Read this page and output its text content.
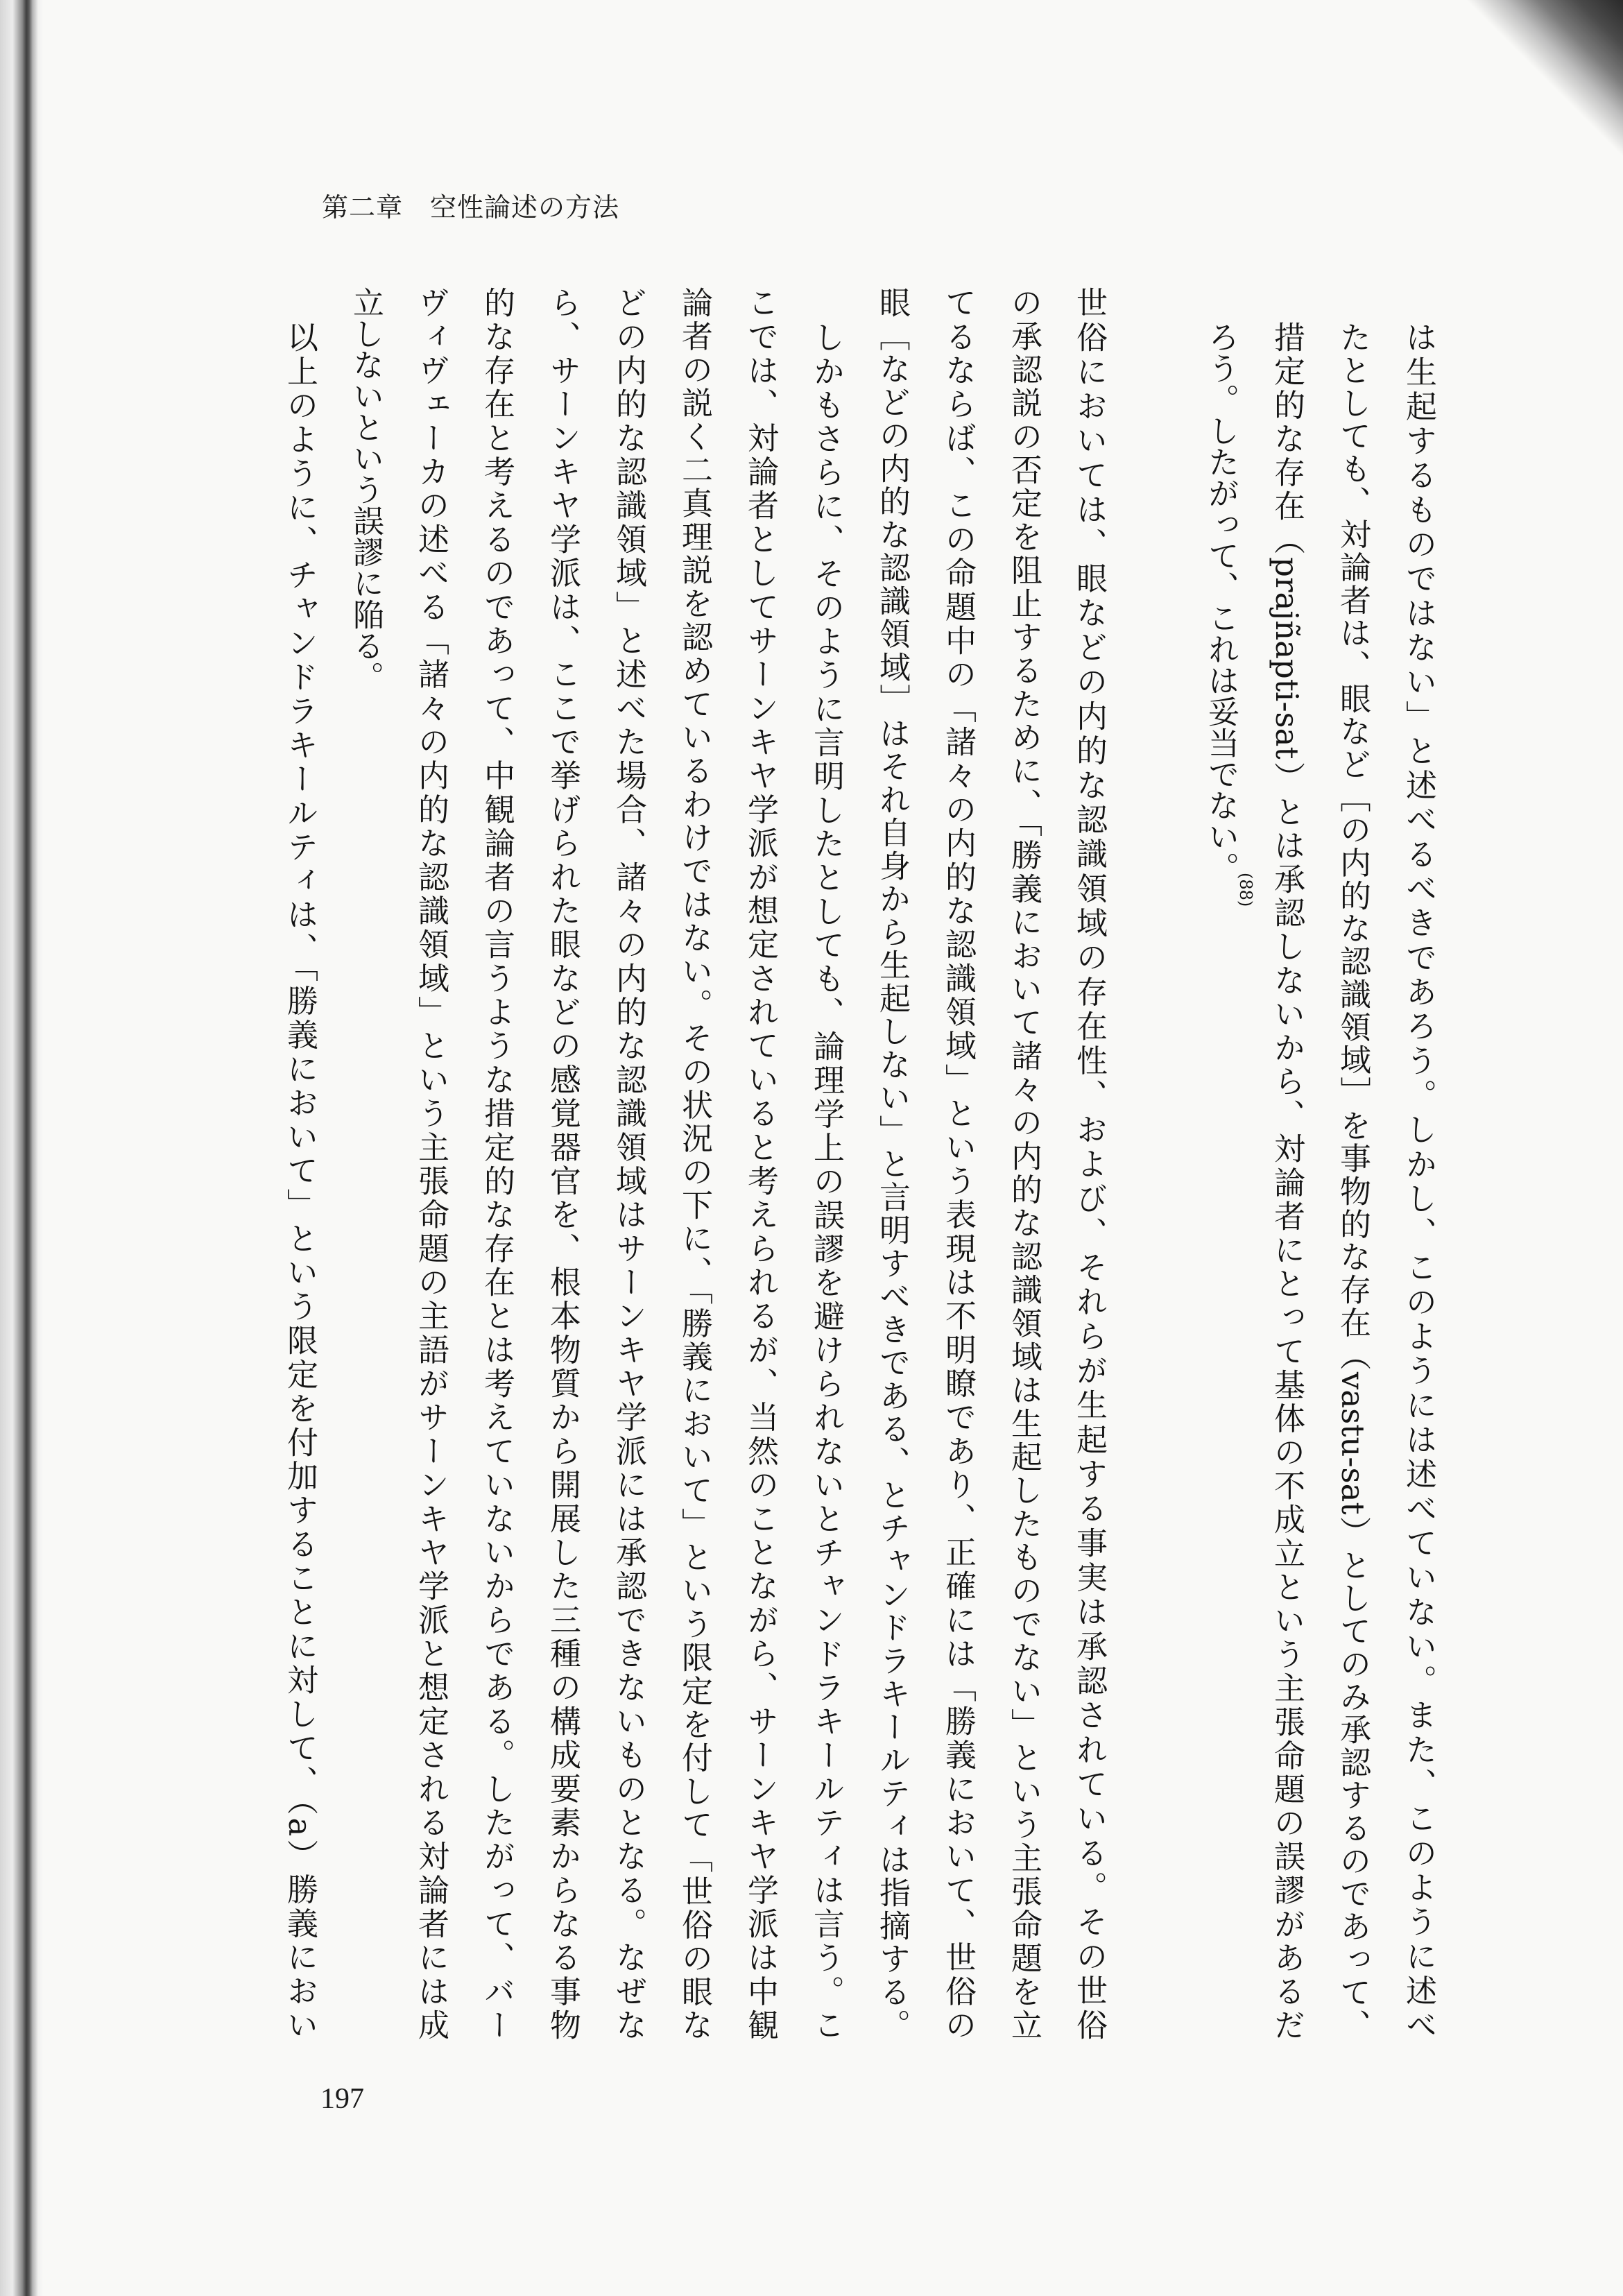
第二章　空性論述の方法
は生起するものではない」と述べるべきであろう。しかし、このようには述べていない。また、このように述べ
たとしても、対論者は、眼など［の内的な認識領域］を事物的な存在（vastu-sat）としてのみ承認するのであって、
措定的な存在（prajñapti-sat）とは承認しないから、対論者にとって基体の不成立という主張命題の誤謬があるだ
ろう。したがって、これは妥当でない。
(88)
世俗においては、眼などの内的な認識領域の存在性、および、それらが生起する事実は承認されている。その世俗
の承認説の否定を阻止するために、「勝義において諸々の内的な認識領域は生起したものでない」という主張命題を立
てるならば、この命題中の「諸々の内的な認識領域」という表現は不明瞭であり、正確には「勝義において、世俗の
眼［などの内的な認識領域］はそれ自身から生起しない」と言明すべきである、とチャンドラキールティは指摘する。
しかもさらに、そのように言明したとしても、論理学上の誤謬を避けられないとチャンドラキールティは言う。こ
こでは、対論者としてサーンキヤ学派が想定されていると考えられるが、当然のことながら、サーンキヤ学派は中観
論者の説く二真理説を認めているわけではない。その状況の下に、「勝義において」という限定を付して「世俗の眼な
どの内的な認識領域」と述べた場合、諸々の内的な認識領域はサーンキヤ学派には承認できないものとなる。なぜな
ら、サーンキヤ学派は、ここで挙げられた眼などの感覚器官を、根本物質から開展した三種の構成要素からなる事物
的な存在と考えるのであって、中観論者の言うような措定的な存在とは考えていないからである。したがって、バー
ヴィヴェーカの述べる「諸々の内的な認識領域」という主張命題の主語がサーンキヤ学派と想定される対論者には成
立しないという誤謬に陥る。
以上のように、チャンドラキールティは、「勝義において」という限定を付加することに対して、（a）勝義におい
197
